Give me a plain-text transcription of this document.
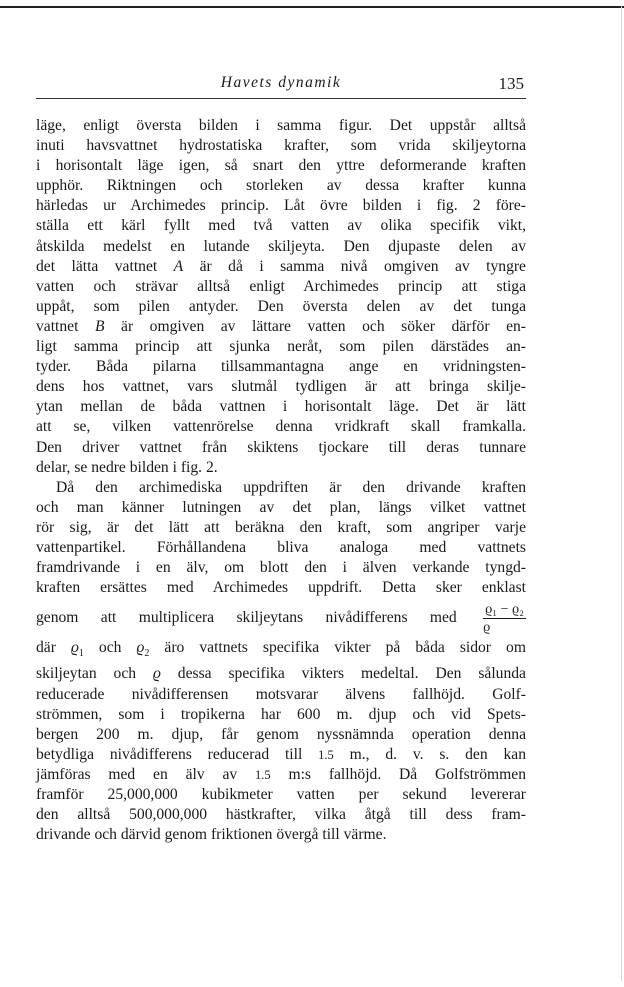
Havets dynamik	135
läge, enligt översta bilden i samma figur. Det uppstår alltså
inuti havsvattnet hydrostatiska krafter, som vrida skiljeytorna
i horisontalt läge igen, så snart den yttre deformerande kraften
upphör. Riktningen och storleken av dessa krafter kunna
härledas ur Archimedes princip. Låt övre bilden i fig. 2 före-
ställa ett kärl fyllt med två vatten av olika specifik vikt,
åtskilda medelst en lutande skiljeyta. Den djupaste delen av
det lätta vattnet A är då i samma nivå omgiven av tyngre
vatten och strävar alltså enligt Archimedes princip att stiga
uppåt, som pilen antyder. Den översta delen av det tunga
vattnet B är omgiven av lättare vatten och söker därför en-
ligt samma princip att sjunka neråt, som pilen därstädes an-
tyder. Båda pilarna tillsammantagna ange en vridningsten-
dens hos vattnet, vars slutmål tydligen är att bringa skilje-
ytan mellan de båda vattnen i horisontalt läge. Det är lätt
att se, vilken vattenrörelse denna vridkraft skall framkalla.
Den driver vattnet från skiktens tjockare till deras tunnare
delar, se nedre bilden i fig. 2.
Då den archimediska uppdriften är den drivande kraften
och man känner lutningen av det plan, längs vilket vattnet
rör sig, är det lätt att beräkna den kraft, som angriper varje
vattenpartikel. Förhållandena bliva analoga med vattnets
framdrivande i en älv, om blott den i älven verkande tyngd-
kraften ersättes med Archimedes uppdrift. Detta sker enklast
genom att multiplicera skiljeytans nivådifferens med $\frac{\text{ϱ₁ − ϱ₂}}{ϱ}$
där $ϱ_1$ och $ϱ_2$ äro vattnets specifika vikter på båda sidor om
skiljeytan och ϱ dessa specifika vikters medeltal. Den sålunda
reducerade nivådifferensen motsvarar älvens fallhöjd. Golf-
strömmen, som i tropikerna har 600 m. djup och vid Spets-
bergen 200 m. djup, får genom nyssnämnda operation denna
betydliga nivådifferens reducerad till 1.5 m., d. v. s. den kan
jämföras med en älv av 1.5 m:s fallhöjd. Då Golfströmmen
framför 25,000,000 kubikmeter vatten per sekund levererar
den alltså 500,000,000 hästkrafter, vilka åtgå till dess fram-
drivande och därvid genom friktionen övergå till värme.
